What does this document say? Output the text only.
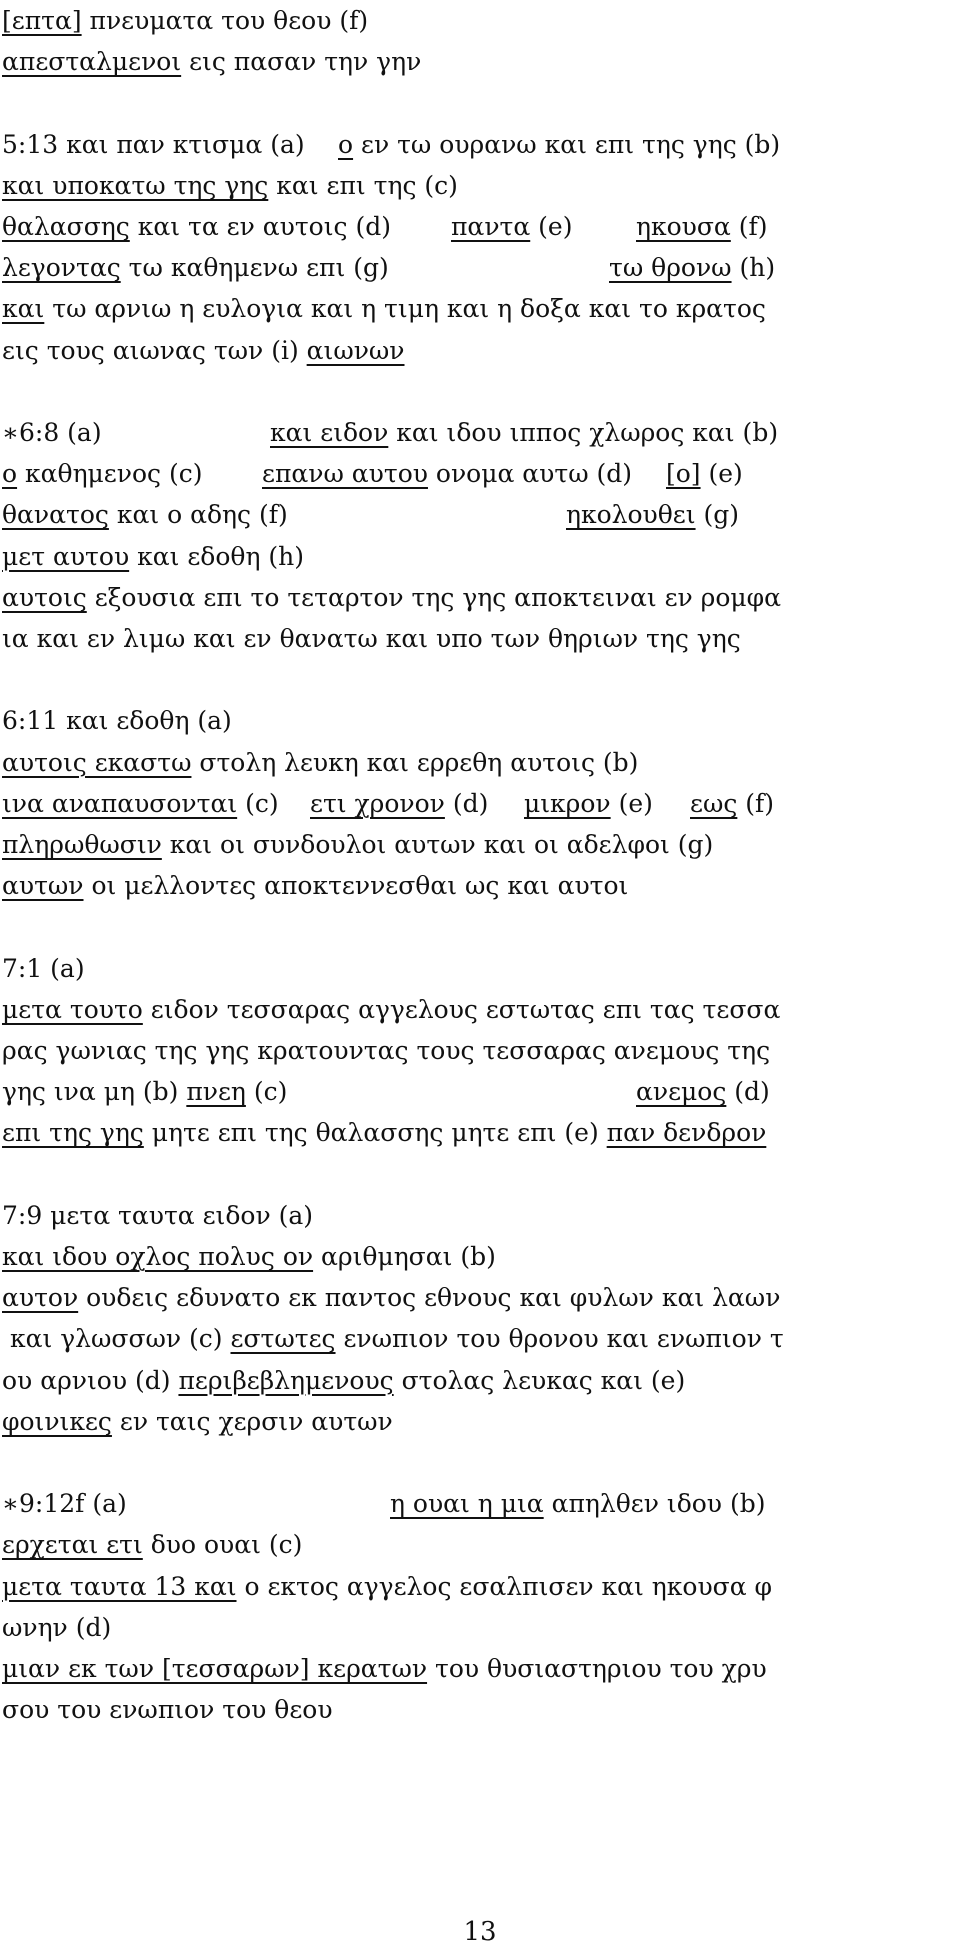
[επτα] πνευματα του θεου (f)
απεσταλμενοι εις πασαν την γην
5:13 και παν κτισμα (a) ο εν τω ουρανω και επι της γης (b)
και υποκατω της γης και επι της (c)
θαλασσης και τα εν αυτοις (d) παντα (e)	ηκουσα (f)
λεγοντας τω καθημενω επι (g)	τω θρονω (h)
και τω αρνιω η ευλογια και η τιμη και η δοξα και το κρατος
εις τους αιωνας των (i) αιωνων
∗6:8 (a)	και ειδον και ιδου ιππος χλωρος και (b)
ο καθημενος (c) επανω αυτου ονομα αυτω (d) [ο] (e)
θανατος και ο αδης (f)	ηκολουθει (g)
μετ αυτου και εδοθη (h)
αυτοις εξουσια επι το τεταρτον της γης αποκτειναι εν ρομφα
ια και εν λιμω και εν θανατω και υπο των θηριων της γης
6:11 και εδοθη (a)
αυτοις εκαστω στολη λευκη και ερρεθη αυτοις (b)
ινα αναπαυσονται (c) ετι χρονον (d) μικρον (e) εως (f)
πληρωθωσιν και οι συνδουλοι αυτων και οι αδελφοι (g)
αυτων οι μελλοντες αποκτεννεσθαι ως και αυτοι
7:1 (a)
μετα τουτο ειδον τεσσαρας αγγελους εστωτας επι τας τεσσα
ρας γωνιας της γης κρατουντας τους τεσσαρας ανεμους της
γης ινα μη (b) πνεη (c)	ανεμος (d)
επι της γης μητε επι της θαλασσης μητε επι (e) παν δενδρον
7:9 μετα ταυτα ειδον (a)
και ιδου οχλος πολυς ον αριθμησαι (b)
αυτον ουδεις εδυνατο εκ παντος εθνους και φυλων και λαων
και γλωσσων (c) εστωτες ενωπιον του θρονου και ενωπιον τ
ου αρνιου (d) περιβεβλημενους στολας λευκας και (e)
φοινικες εν ταις χερσιν αυτων
∗9:12f (a)	η ουαι η μια απηλθεν ιδου (b)
ερχεται ετι δυο ουαι (c)
μετα ταυτα 13 και ο εκτος αγγελος εσαλπισεν και ηκουσα φ
ωνην (d)
μιαν εκ των [τεσσαρων] κερατων του θυσιαστηριου του χρυ
σου του ενωπιον του θεου
13
